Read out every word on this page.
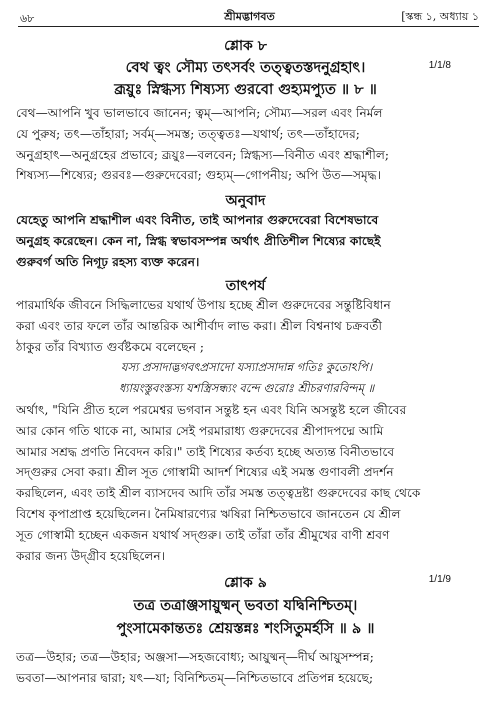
৬৮	শ্রীমদ্ভাগবত	[স্কন্ধ ১, অধ্যায় ১
শ্লোক ৮
1/1/8
বেথ ত্বং সৌম্য তৎসর্বং তত্ত্বতস্তদনুগ্রহাৎ।
ব্রূয়ুঃ স্নিগ্ধস্য শিষ্যস্য গুরবো গুহ্যমপ্যুত ॥ ৮ ॥
বেথ—আপনি খুব ভালভাবে জানেন; ত্বম্—আপনি; সৌম্য—সরল এবং নির্মল
যে পুরুষ; তৎ—তাঁহারা; সর্বম্—সমস্ত; তত্ত্বতঃ—যথার্থ; তৎ—তাঁহাদের;
অনুগ্রহাৎ—অনুগ্রহের প্রভাবে; ব্রূয়ুঃ—বলবেন; স্নিগ্ধস্য—বিনীত এবং শ্রদ্ধাশীল;
শিষ্যস্য—শিষ্যের; গুরবঃ—গুরুদেবেরা; গুহ্যম্—গোপনীয়; অপি উত—সমৃদ্ধ।
অনুবাদ
যেহেতু আপনি শ্রদ্ধাশীল এবং বিনীত, তাই আপনার গুরুদেবেরা বিশেষভাবে
অনুগ্রহ করেছেন। কেন না, স্নিগ্ধ স্বভাবসম্পন্ন অর্থাৎ প্রীতিশীল শিষ্যের কাছেই
গুরুবর্গ অতি নিগূঢ় রহস্য ব্যক্ত করেন।
তাৎপর্য
পারমার্থিক জীবনে সিদ্ধিলাভের যথার্থ উপায় হচ্ছে শ্রীল গুরুদেবের সন্তুষ্টিবিধান
করা এবং তার ফলে তাঁর আন্তরিক আশীর্বাদ লাভ করা। শ্রীল বিশ্বনাথ চক্রবর্তী
ঠাকুর তাঁর বিখ্যাত গুর্বষ্টকমে বলেছেন ;
যস্য প্রসাদাদ্ভগবৎপ্রসাদো যস্যাপ্রসাদান্ন গতিঃ কুতোঽপি।
ধ্যায়ংস্তুবংস্তস্য যশস্ত্রিসন্ধ্যং বন্দে গুরোঃ শ্রীচরণারবিন্দম্ ॥
অর্থাৎ, "যিনি প্রীত হলে পরমেশ্বর ভগবান সন্তুষ্ট হন এবং যিনি অসন্তুষ্ট হলে জীবের
আর কোন গতি থাকে না, আমার সেই পরমারাধ্য গুরুদেবের শ্রীপাদপদ্মে আমি
আমার সশ্রদ্ধ প্রণতি নিবেদন করি।" তাই শিষ্যের কর্তব্য হচ্ছে অত্যন্ত বিনীতভাবে
সদ্গুরুর সেবা করা। শ্রীল সূত গোস্বামী আদর্শ শিষ্যের এই সমস্ত গুণাবলী প্রদর্শন
করছিলেন, এবং তাই শ্রীল ব্যাসদেব আদি তাঁর সমস্ত তত্ত্বদ্রষ্টা গুরুদেবের কাছ থেকে
বিশেষ কৃপাপ্রাপ্ত হয়েছিলেন। নৈমিষারণ্যের ঋষিরা নিশ্চিতভাবে জানতেন যে শ্রীল
সূত গোস্বামী হচ্ছেন একজন যথার্থ সদ্গুরু। তাই তাঁরা তাঁর শ্রীমুখের বাণী শ্রবণ
করার জন্য উদ্গ্রীব হয়েছিলেন।
শ্লোক ৯	1/1/9
তত্র তত্রাঞ্জসায়ুষ্মন্ ভবতা যদ্বিনিশ্চিতম্।
পুংসামেকান্ততঃ শ্রেয়স্তন্নঃ শংসিতুমর্হসি ॥ ৯ ॥
তত্র—উহার; তত্র—উহার; অঞ্জসা—সহজবোধ্য; আয়ুষ্মন্—দীর্ঘ আয়ুসম্পন্ন;
ভবতা—আপনার দ্বারা; যৎ—যা; বিনিশ্চিতম্—নিশ্চিতভাবে প্রতিপন্ন হয়েছে;
